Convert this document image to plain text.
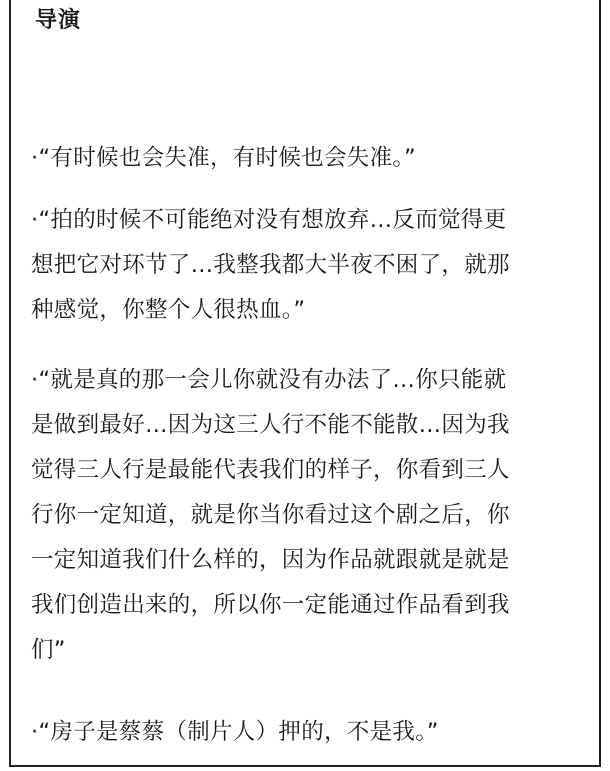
导演
·“有时候也会失准，有时候也会失准。”
·“拍的时候不可能绝对没有想放弃…反而觉得更
想把它对环节了…我整我都大半夜不困了，就那
种感觉，你整个人很热血。”
·“就是真的那一会儿你就没有办法了…你只能就
是做到最好…因为这三人行不能不能散…因为我
觉得三人行是最能代表我们的样子，你看到三人
行你一定知道，就是你当你看过这个剧之后，你
一定知道我们什么样的，因为作品就跟就是就是
我们创造出来的，所以你一定能通过作品看到我
们”
·“房子是蔡蔡（制片人）押的，不是我。”
